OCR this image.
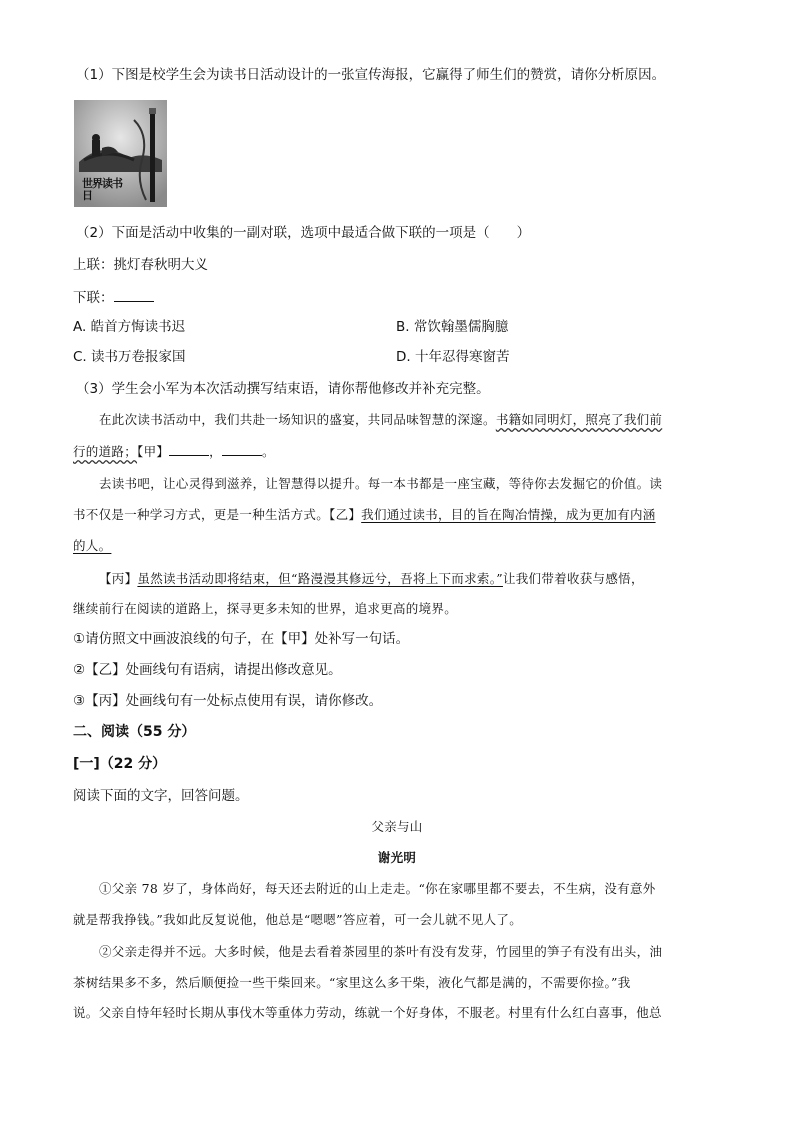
（1）下图是校学生会为读书日活动设计的一张宣传海报，它赢得了师生们的赞赏，请你分析原因。
世界读书日
（2）下面是活动中收集的一副对联，选项中最适合做下联的一项是（　　）
上联：挑灯春秋明大义
下联：
A. 皓首方悔读书迟	B. 常饮翰墨儒胸臆
C. 读书万卷报家国	D. 十年忍得寒窗苦
（3）学生会小军为本次活动撰写结束语，请你帮他修改并补充完整。
在此次读书活动中，我们共赴一场知识的盛宴，共同品味智慧的深邃。书籍如同明灯，照亮了我们前
行的道路；【甲】	，	。
去读书吧，让心灵得到滋养，让智慧得以提升。每一本书都是一座宝藏，等待你去发掘它的价值。读
书不仅是一种学习方式，更是一种生活方式。【乙】我们通过读书，目的旨在陶冶情操，成为更加有内涵
的人。
【丙】虽然读书活动即将结束，但“路漫漫其修远兮，吾将上下而求索。”让我们带着收获与感悟，
继续前行在阅读的道路上，探寻更多未知的世界，追求更高的境界。
①请仿照文中画波浪线的句子，在【甲】处补写一句话。
②【乙】处画线句有语病，请提出修改意见。
③【丙】处画线句有一处标点使用有误，请你修改。
二、阅读（55 分）
[一]（22 分）
阅读下面的文字，回答问题。
父亲与山
谢光明
①父亲 78 岁了，身体尚好，每天还去附近的山上走走。“你在家哪里都不要去，不生病，没有意外
就是帮我挣钱。”我如此反复说他，他总是“嗯嗯”答应着，可一会儿就不见人了。
②父亲走得并不远。大多时候，他是去看着茶园里的茶叶有没有发芽，竹园里的笋子有没有出头，油
茶树结果多不多，然后顺便捡一些干柴回来。“家里这么多干柴，液化气都是满的，不需要你捡。”我
说。父亲自恃年轻时长期从事伐木等重体力劳动，练就一个好身体，不服老。村里有什么红白喜事，他总
